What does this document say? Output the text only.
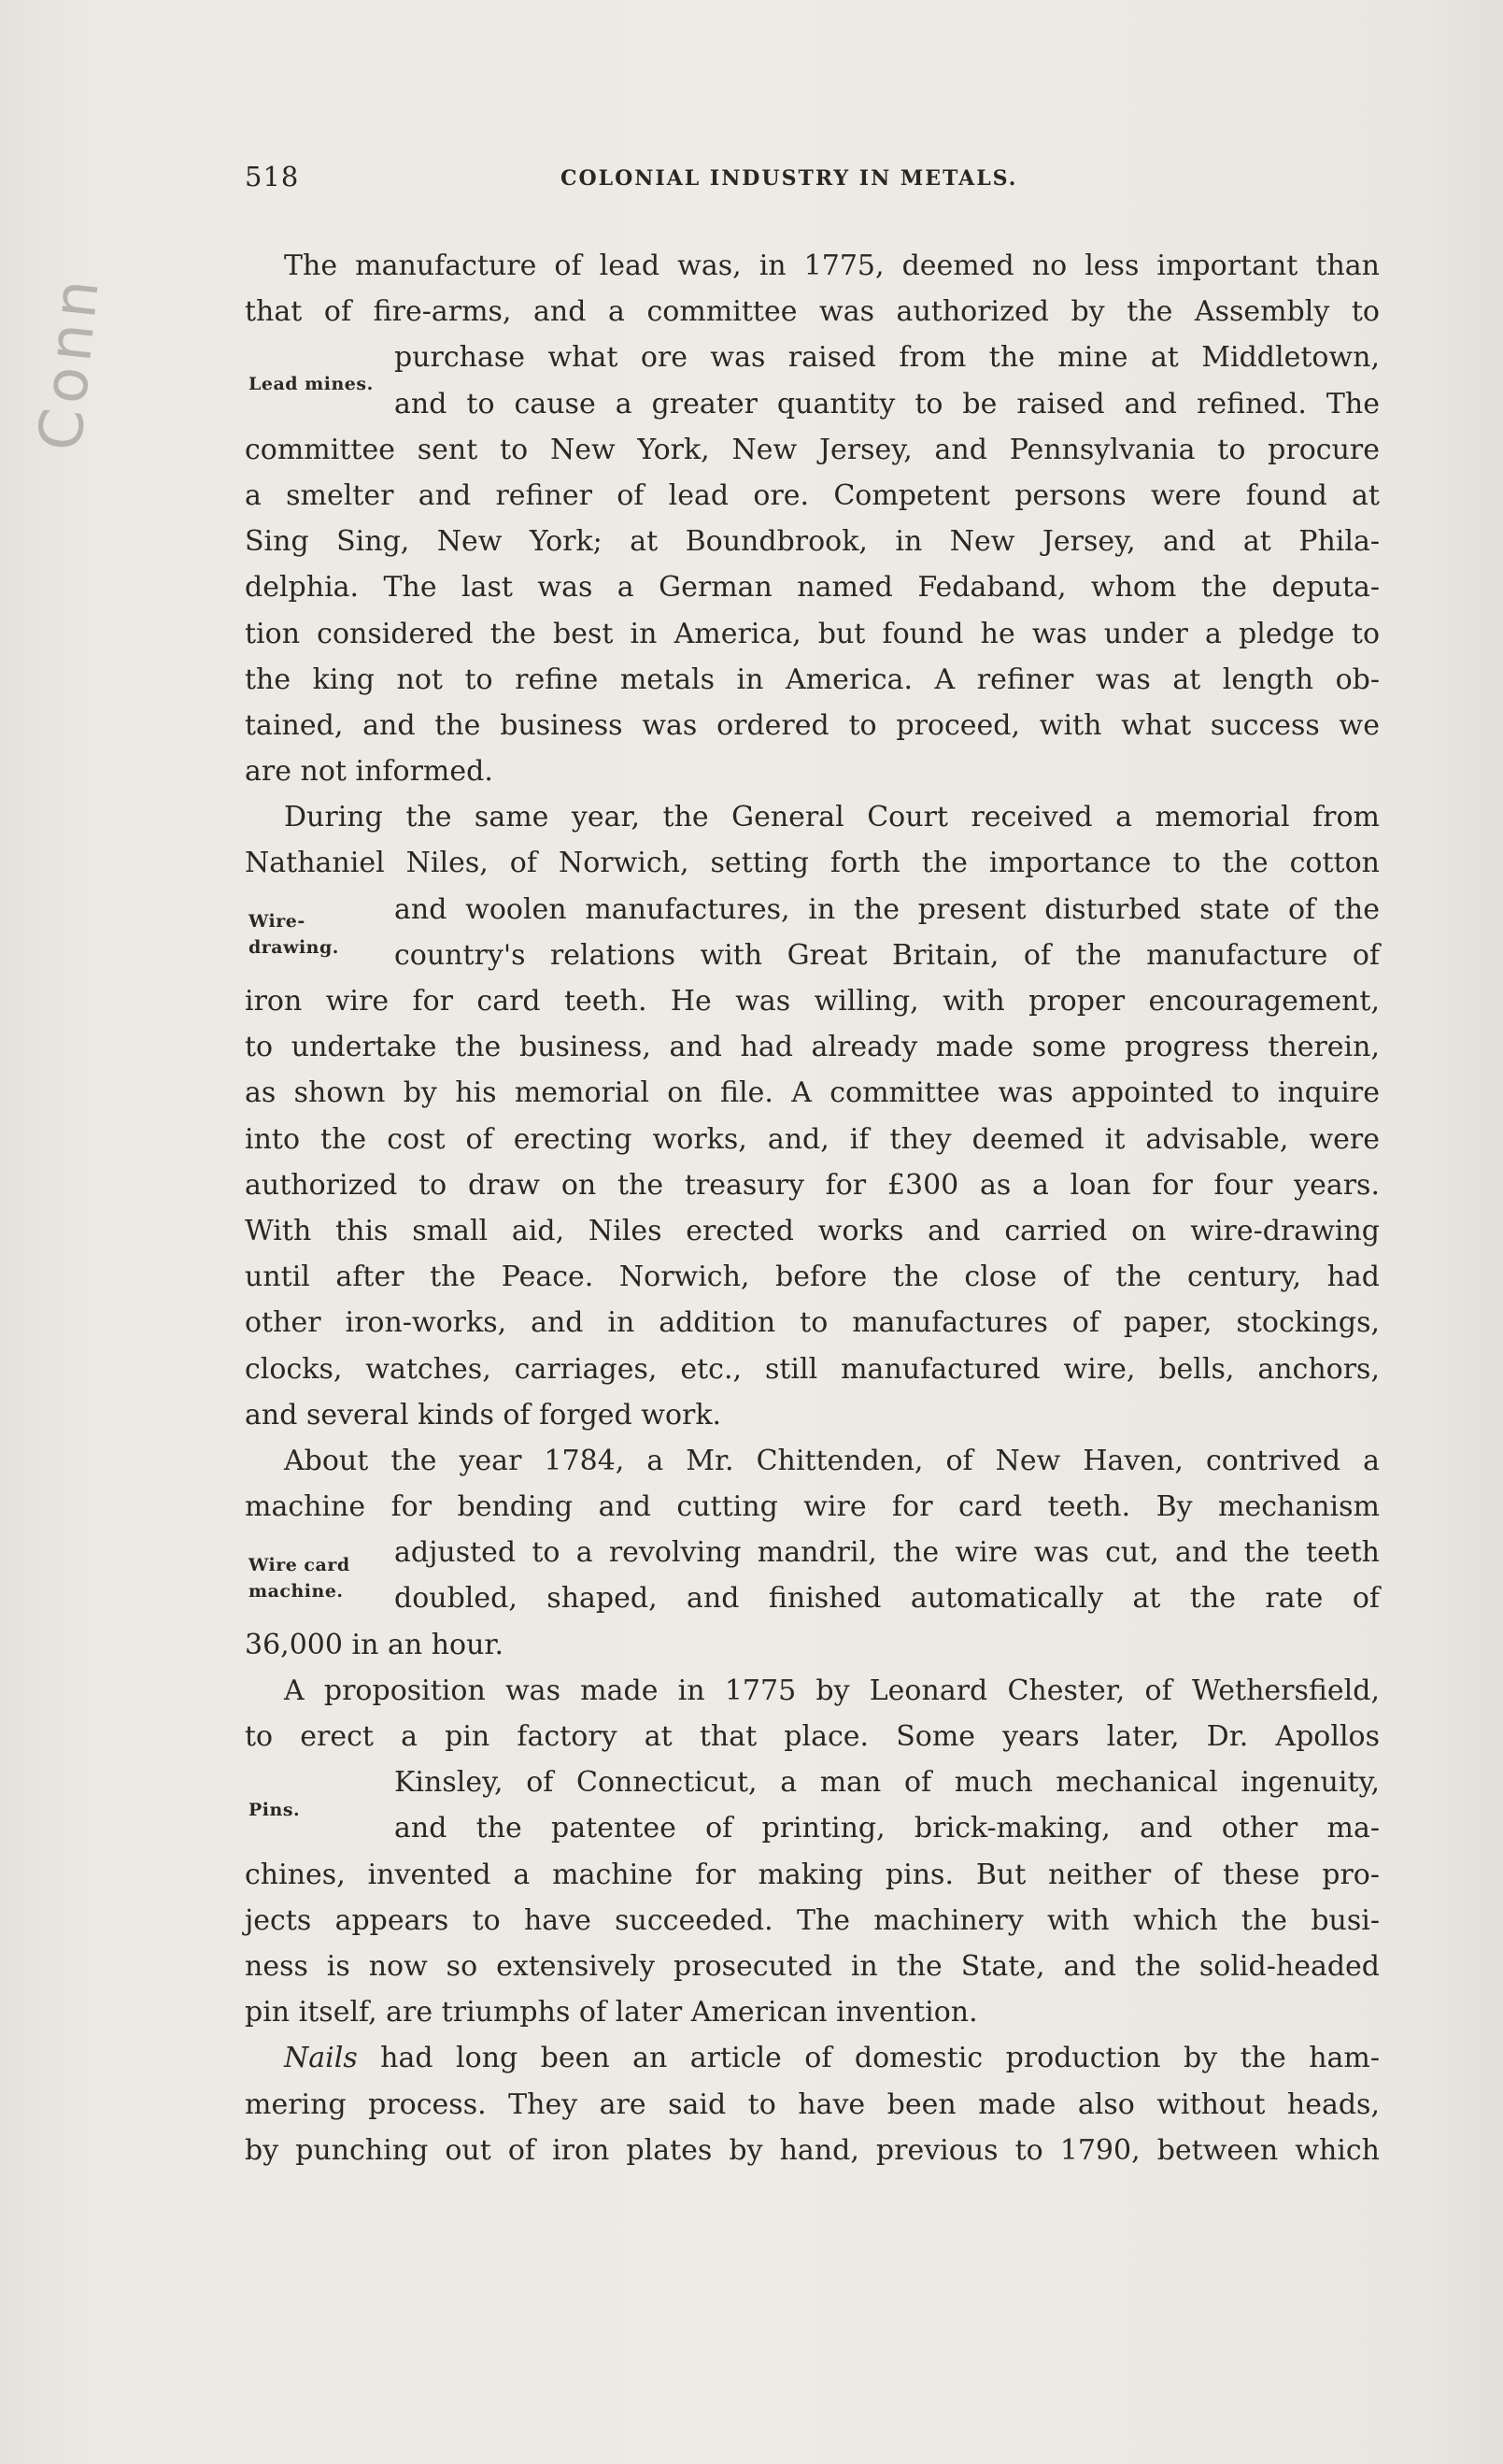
Conn
518	COLONIAL INDUSTRY IN METALS.
Lead mines.
Wire-
drawing.
Wire card
machine.
Pins.
The manufacture of lead was, in 1775, deemed no less important than
that of fire-arms, and a committee was authorized by the Assembly to
purchase what ore was raised from the mine at Middletown,
and to cause a greater quantity to be raised and refined. The
committee sent to New York, New Jersey, and Pennsylvania to procure
a smelter and refiner of lead ore. Competent persons were found at
Sing Sing, New York; at Boundbrook, in New Jersey, and at Phila-
delphia. The last was a German named Fedaband, whom the deputa-
tion considered the best in America, but found he was under a pledge to
the king not to refine metals in America. A refiner was at length ob-
tained, and the business was ordered to proceed, with what success we
are not informed.
During the same year, the General Court received a memorial from
Nathaniel Niles, of Norwich, setting forth the importance to the cotton
and woolen manufactures, in the present disturbed state of the
country's relations with Great Britain, of the manufacture of
iron wire for card teeth. He was willing, with proper encouragement,
to undertake the business, and had already made some progress therein,
as shown by his memorial on file. A committee was appointed to inquire
into the cost of erecting works, and, if they deemed it advisable, were
authorized to draw on the treasury for £300 as a loan for four years.
With this small aid, Niles erected works and carried on wire-drawing
until after the Peace. Norwich, before the close of the century, had
other iron-works, and in addition to manufactures of paper, stockings,
clocks, watches, carriages, etc., still manufactured wire, bells, anchors,
and several kinds of forged work.
About the year 1784, a Mr. Chittenden, of New Haven, contrived a
machine for bending and cutting wire for card teeth. By mechanism
adjusted to a revolving mandril, the wire was cut, and the teeth
doubled, shaped, and finished automatically at the rate of
36,000 in an hour.
A proposition was made in 1775 by Leonard Chester, of Wethersfield,
to erect a pin factory at that place. Some years later, Dr. Apollos
Kinsley, of Connecticut, a man of much mechanical ingenuity,
and the patentee of printing, brick-making, and other ma-
chines, invented a machine for making pins. But neither of these pro-
jects appears to have succeeded. The machinery with which the busi-
ness is now so extensively prosecuted in the State, and the solid-headed
pin itself, are triumphs of later American invention.
Nails had long been an article of domestic production by the ham-
mering process. They are said to have been made also without heads,
by punching out of iron plates by hand, previous to 1790, between which
